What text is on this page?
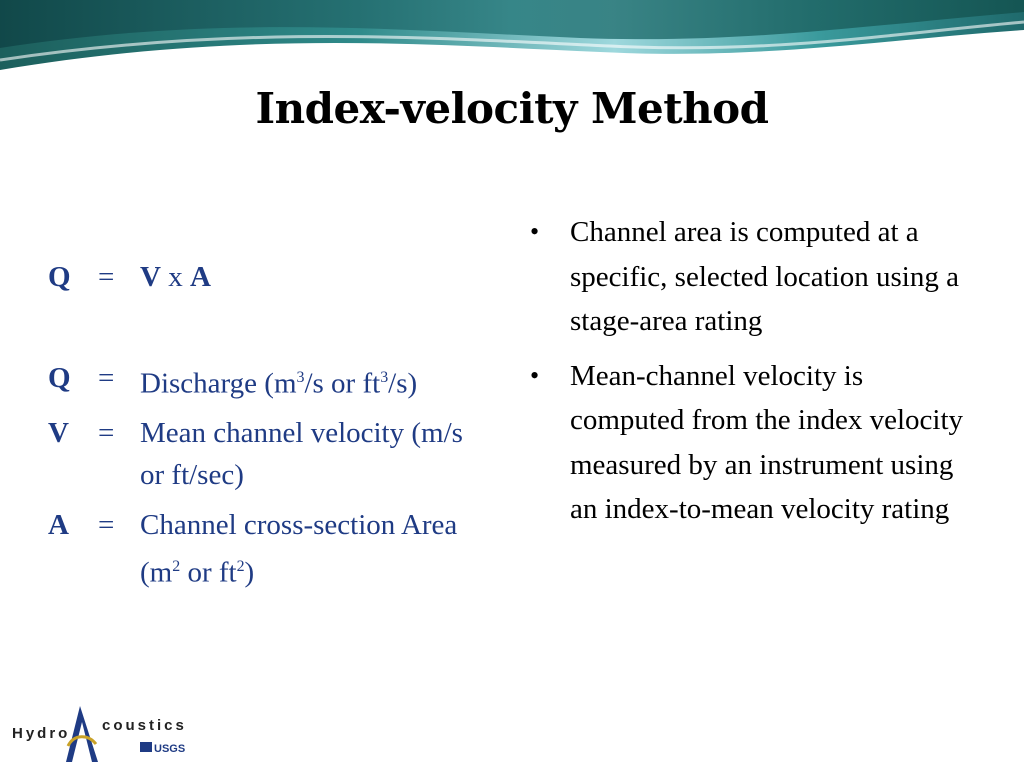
Index-velocity Method
Q = V x A
Q = Discharge ($m^3/s$ or $ft^3/s$)
V	= Mean channel velocity (m/s or ft/sec)
A	= Channel cross-section Area ($m^2$ or $ft^2$)
•	Channel area is computed at a specific, selected location using a stage-area rating
•	Mean-channel velocity is computed from the index velocity measured by an instrument using an index-to-mean velocity rating
Hydro coustics
USGS
